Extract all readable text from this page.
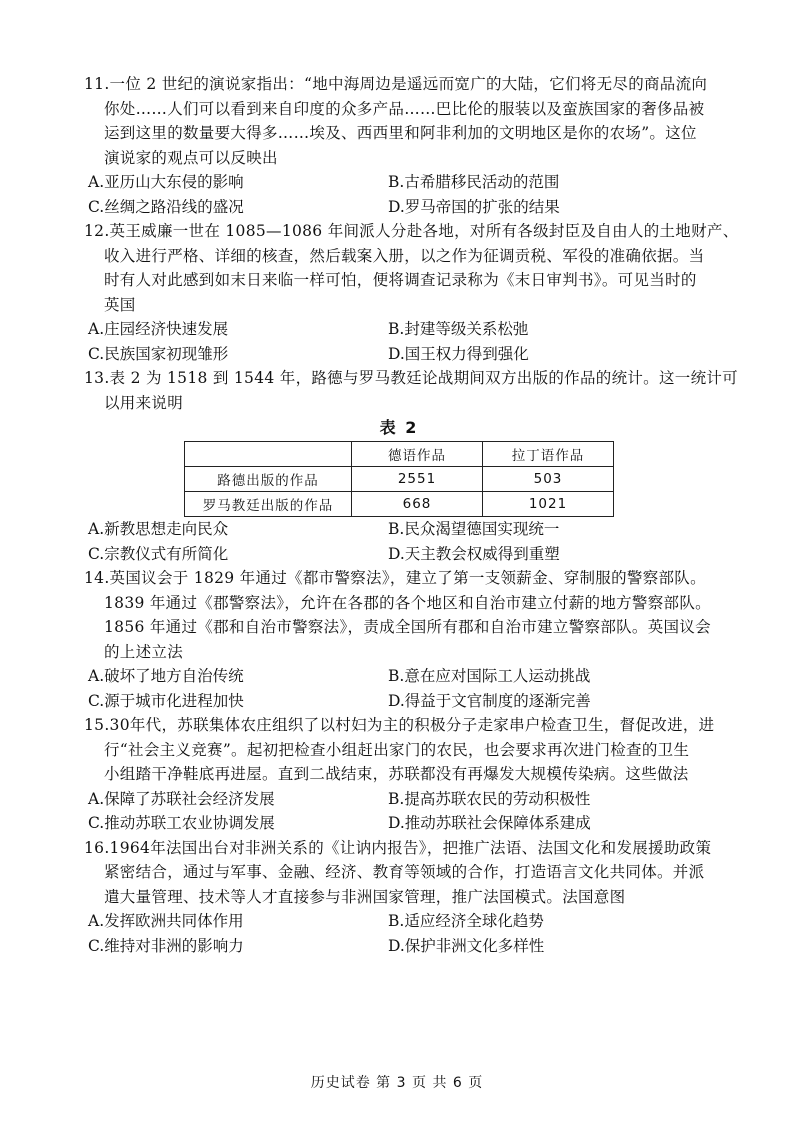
11.一位 2 世纪的演说家指出：“地中海周边是遥远而宽广的大陆，它们将无尽的商品流向
你处……人们可以看到来自印度的众多产品……巴比伦的服装以及蛮族国家的奢侈品被
运到这里的数量要大得多……埃及、西西里和阿非利加的文明地区是你的农场”。这位
演说家的观点可以反映出
A.亚历山大东侵的影响	B.古希腊移民活动的范围
C.丝绸之路沿线的盛况	D.罗马帝国的扩张的结果
12.英王威廉一世在 1085—1086 年间派人分赴各地，对所有各级封臣及自由人的土地财产、
收入进行严格、详细的核查，然后载案入册，以之作为征调贡税、军役的准确依据。当
时有人对此感到如末日来临一样可怕，便将调查记录称为《末日审判书》。可见当时的
英国
A.庄园经济快速发展	B.封建等级关系松弛
C.民族国家初现雏形	D.国王权力得到强化
13.表 2 为 1518 到 1544 年，路德与罗马教廷论战期间双方出版的作品的统计。这一统计可
以用来说明
表 2
	德语作品	拉丁语作品
路德出版的作品	2551	503
罗马教廷出版的作品	668	1021
A.新教思想走向民众	B.民众渴望德国实现统一
C.宗教仪式有所简化	D.天主教会权威得到重塑
14.英国议会于 1829 年通过《都市警察法》，建立了第一支领薪金、穿制服的警察部队。
1839 年通过《郡警察法》，允许在各郡的各个地区和自治市建立付薪的地方警察部队。
1856 年通过《郡和自治市警察法》，责成全国所有郡和自治市建立警察部队。英国议会
的上述立法
A.破坏了地方自治传统	B.意在应对国际工人运动挑战
C.源于城市化进程加快	D.得益于文官制度的逐渐完善
15.30年代，苏联集体农庄组织了以村妇为主的积极分子走家串户检查卫生，督促改进，进
行“社会主义竞赛”。起初把检查小组赶出家门的农民，也会要求再次进门检查的卫生
小组踏干净鞋底再进屋。直到二战结束，苏联都没有再爆发大规模传染病。这些做法
A.保障了苏联社会经济发展	B.提高苏联农民的劳动积极性
C.推动苏联工农业协调发展	D.推动苏联社会保障体系建成
16.1964年法国出台对非洲关系的《让讷内报告》，把推广法语、法国文化和发展援助政策
紧密结合，通过与军事、金融、经济、教育等领域的合作，打造语言文化共同体。并派
遣大量管理、技术等人才直接参与非洲国家管理，推广法国模式。法国意图
A.发挥欧洲共同体作用	B.适应经济全球化趋势
C.维持对非洲的影响力	D.保护非洲文化多样性
历史试卷 第 3 页 共 6 页
